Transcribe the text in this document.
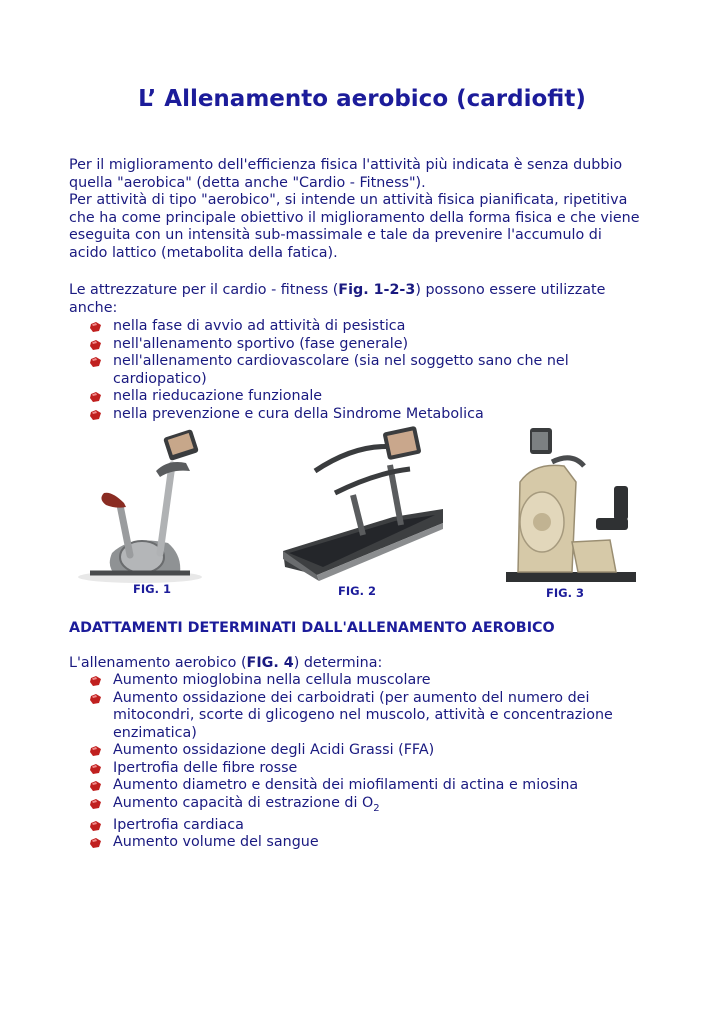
L’ Allenamento aerobico (cardiofit)
Per il miglioramento dell'efficienza fisica l'attività più indicata è senza dubbio
quella "aerobica" (detta anche "Cardio - Fitness").
Per attività di tipo "aerobico", si intende un attività fisica pianificata, ripetitiva
che ha come principale obiettivo il miglioramento della forma fisica e che viene
eseguita con un intensità sub-massimale e tale da prevenire l'accumulo di
acido lattico (metabolita della fatica).
Le attrezzature per il cardio - fitness (Fig. 1-2-3) possono essere utilizzate
anche:
nella fase di avvio ad attività di pesistica
nell'allenamento sportivo (fase generale)
nell'allenamento cardiovascolare (sia nel soggetto sano che nel
cardiopatico)
nella rieducazione funzionale
nella prevenzione e cura della Sindrome Metabolica
FIG. 1	FIG. 2	FIG. 3
ADATTAMENTI DETERMINATI DALL'ALLENAMENTO AEROBICO
L'allenamento aerobico (FIG. 4) determina:
Aumento mioglobina nella cellula muscolare
Aumento ossidazione dei carboidrati (per aumento del numero dei
mitocondri, scorte di glicogeno nel muscolo, attività e concentrazione
enzimatica)
Aumento ossidazione degli Acidi Grassi (FFA)
Ipertrofia delle fibre rosse
Aumento diametro e densità dei miofilamenti di actina e miosina
Aumento capacità di estrazione di $O_2$
Ipertrofia cardiaca
Aumento volume del sangue
